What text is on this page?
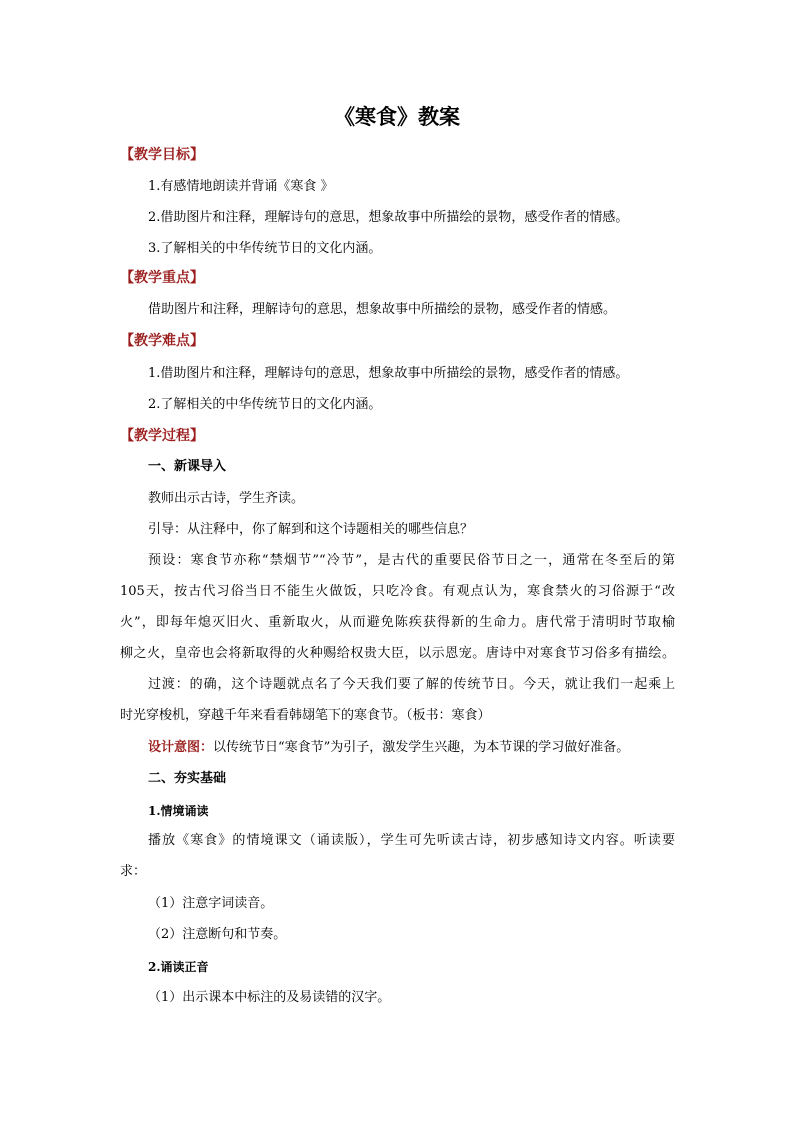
《寒食》教案
【教学目标】
1.有感情地朗读并背诵《寒食 》
2.借助图片和注释，理解诗句的意思，想象故事中所描绘的景物，感受作者的情感。
3.了解相关的中华传统节日的文化内涵。
【教学重点】
借助图片和注释，理解诗句的意思，想象故事中所描绘的景物，感受作者的情感。
【教学难点】
1.借助图片和注释，理解诗句的意思，想象故事中所描绘的景物，感受作者的情感。
2.了解相关的中华传统节日的文化内涵。
【教学过程】
一、新课导入
教师出示古诗，学生齐读。
引导：从注释中，你了解到和这个诗题相关的哪些信息？
预设：寒食节亦称“禁烟节”“冷节”，是古代的重要民俗节日之一，通常在冬至后的第
105天，按古代习俗当日不能生火做饭，只吃冷食。有观点认为，寒食禁火的习俗源于“改
火”，即每年熄灭旧火、重新取火，从而避免陈疾获得新的生命力。唐代常于清明时节取榆
柳之火，皇帝也会将新取得的火种赐给权贵大臣，以示恩宠。唐诗中对寒食节习俗多有描绘。
过渡：的确，这个诗题就点名了今天我们要了解的传统节日。今天，就让我们一起乘上
时光穿梭机，穿越千年来看看韩翃笔下的寒食节。（板书：寒食）
设计意图：以传统节日“寒食节”为引子，激发学生兴趣，为本节课的学习做好准备。
二、夯实基础
1.情境诵读
播放《寒食》的情境课文（诵读版），学生可先听读古诗，初步感知诗文内容。听读要
求：
（1）注意字词读音。
（2）注意断句和节奏。
2.诵读正音
（1）出示课本中标注的及易读错的汉字。
